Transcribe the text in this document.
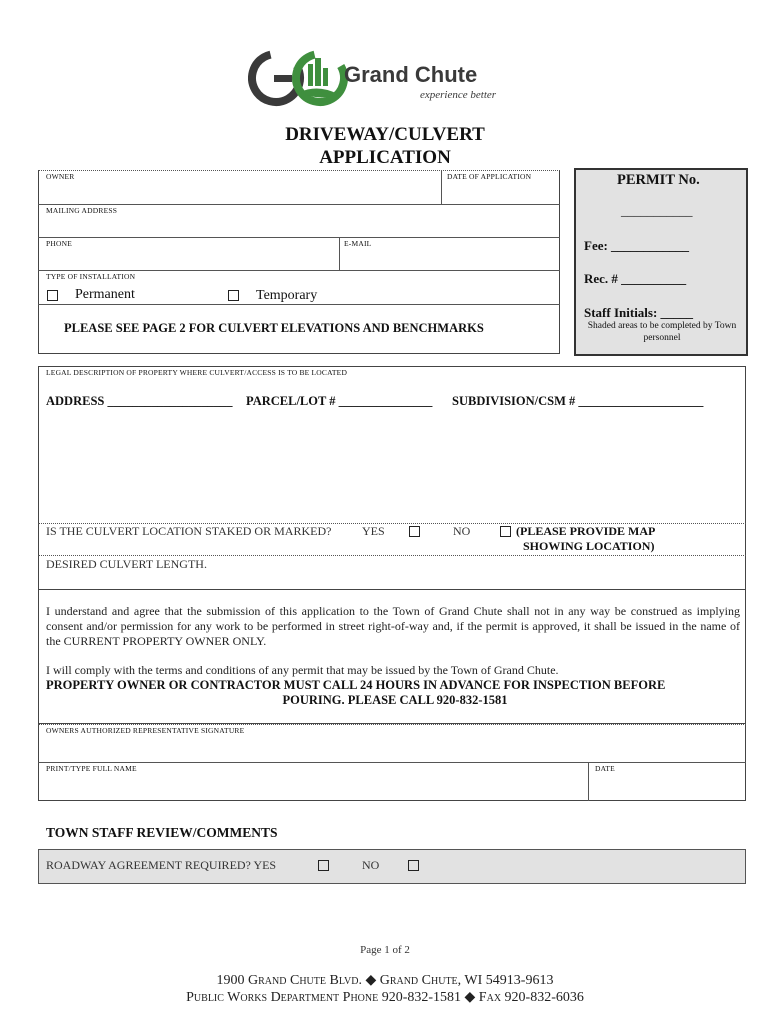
Grand Chute
experience better
DRIVEWAY/CULVERT
APPLICATION
OWNER	DATE OF APPLICATION
MAILING ADDRESS
PHONE	E-MAIL
TYPE OF INSTALLATION
Permanent	Temporary
PLEASE SEE PAGE 2 FOR CULVERT ELEVATIONS AND BENCHMARKS
PERMIT No.
___________
Fee: ____________
Rec. # __________
Staff Initials: _____
Shaded areas to be completed by Town personnel
LEGAL DESCRIPTION OF PROPERTY WHERE CULVERT/ACCESS IS TO BE LOCATED
ADDRESS ____________________ PARCEL/LOT # _______________ SUBDIVISION/CSM # ____________________
IS THE CULVERT LOCATION STAKED OR MARKED?	YES	NO	(PLEASE PROVIDE MAP
SHOWING LOCATION)
DESIRED CULVERT LENGTH.
I understand and agree that the submission of this application to the Town of Grand Chute shall not in any way be construed as implying consent and/or permission for any work to be performed in street right-of-way and, if the permit is approved, it shall be issued in the name of the CURRENT PROPERTY OWNER ONLY.
I will comply with the terms and conditions of any permit that may be issued by the Town of Grand Chute.
PROPERTY OWNER OR CONTRACTOR MUST CALL 24 HOURS IN ADVANCE FOR INSPECTION BEFORE
POURING. PLEASE CALL 920-832-1581
OWNERS AUTHORIZED REPRESENTATIVE SIGNATURE
PRINT/TYPE FULL NAME	DATE
TOWN STAFF REVIEW/COMMENTS
ROADWAY AGREEMENT REQUIRED? YES	NO
Page 1 of 2
1900 Grand Chute Blvd. ◆ Grand Chute, WI 54913-9613
Public Works Department Phone 920-832-1581 ◆ Fax 920-832-6036
